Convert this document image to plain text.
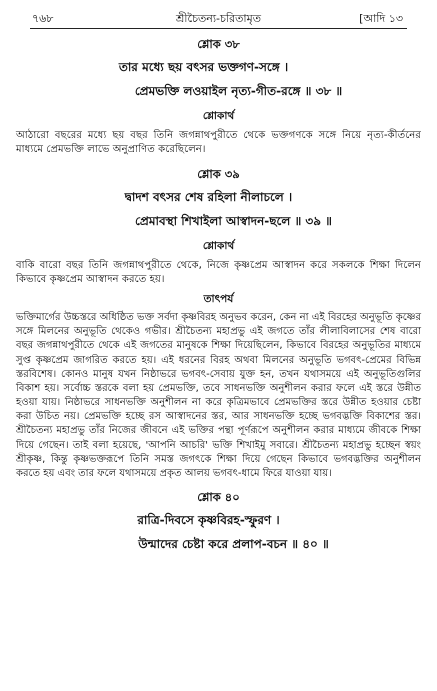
৭৬৮	শ্রীচৈতন্য-চরিতামৃত	[আদি ১৩

শ্লোক ৩৮

তার মধ্যে ছয় বৎসর ভক্তগণ-সঙ্গে ।

প্রেমভক্তি লওয়াইল নৃত্য-গীত-রঙ্গে ॥ ৩৮ ॥

শ্লোকার্থ

আঠারো বছরের মধ্যে ছয় বছর তিনি জগন্নাথপুরীতে থেকে ভক্তগণকে সঙ্গে নিয়ে নৃত্য-কীর্তনের মাধ্যমে প্রেমভক্তি লাভে অনুপ্রাণিত করেছিলেন।

শ্লোক ৩৯

দ্বাদশ বৎসর শেষ রহিলা নীলাচলে ।

প্রেমাবস্থা শিখাইলা আস্বাদন-ছলে ॥ ৩৯ ॥

শ্লোকার্থ

বাকি বারো বছর তিনি জগন্নাথপুরীতে থেকে, নিজে কৃষ্ণপ্রেম আস্বাদন করে সকলকে শিক্ষা দিলেন কিভাবে কৃষ্ণপ্রেম আস্বাদন করতে হয়।

তাৎপর্য

ভক্তিমার্গের উচ্চস্তরে অধিষ্ঠিত ভক্ত সর্বদা কৃষ্ণবিরহ অনুভব করেন, কেন না এই বিরহের অনুভূতি কৃষ্ণের সঙ্গে মিলনের অনুভূতি থেকেও গভীর। শ্রীচৈতন্য মহাপ্রভু এই জগতে তাঁর লীলাবিলাসের শেষ বারো বছর জগন্নাথপুরীতে থেকে এই জগতের মানুষকে শিক্ষা দিয়েছিলেন, কিভাবে বিরহের অনুভূতির মাধ্যমে সুপ্ত কৃষ্ণপ্রেম জাগরিত করতে হয়। এই ধরনের বিরহ অথবা মিলনের অনুভূতি ভগবৎ-প্রেমের বিভিন্ন স্তরবিশেষ। কোনও মানুষ যখন নিষ্ঠাভরে ভগবৎ-সেবায় যুক্ত হন, তখন যথাসময়ে এই অনুভূতিগুলির বিকাশ হয়। সর্বোচ্চ স্তরকে বলা হয় প্রেমভক্তি, তবে সাধনভক্তি অনুশীলন করার ফলে এই স্তরে উন্নীত হওয়া যায়। নিষ্ঠাভরে সাধনভক্তি অনুশীলন না করে কৃত্রিমভাবে প্রেমভক্তির স্তরে উন্নীত হওয়ার চেষ্টা করা উচিত নয়। প্রেমভক্তি হচ্ছে রস আস্বাদনের স্তর, আর সাধনভক্তি হচ্ছে ভগবদ্ভক্তি বিকাশের স্তর। শ্রীচৈতন্য মহাপ্রভু তাঁর নিজের জীবনে এই ভক্তির পন্থা পূর্ণরূপে অনুশীলন করার মাধ্যমে জীবকে শিক্ষা দিয়ে গেছেন। তাই বলা হয়েছে, 'আপনি আচরি' ভক্তি শিখাইমু সবারে। শ্রীচৈতন্য মহাপ্রভু হচ্ছেন স্বয়ং শ্রীকৃষ্ণ, কিন্তু কৃষ্ণভক্তরূপে তিনি সমস্ত জগৎকে শিক্ষা দিয়ে গেছেন কিভাবে ভগবদ্ভক্তির অনুশীলন করতে হয় এবং তার ফলে যথাসময়ে প্রকৃত আলয় ভগবৎ-ধামে ফিরে যাওয়া যায়।

শ্লোক ৪০

রাত্রি-দিবসে কৃষ্ণবিরহ-স্ফুরণ ।

উন্মাদের চেষ্টা করে প্রলাপ-বচন ॥ ৪০ ॥
